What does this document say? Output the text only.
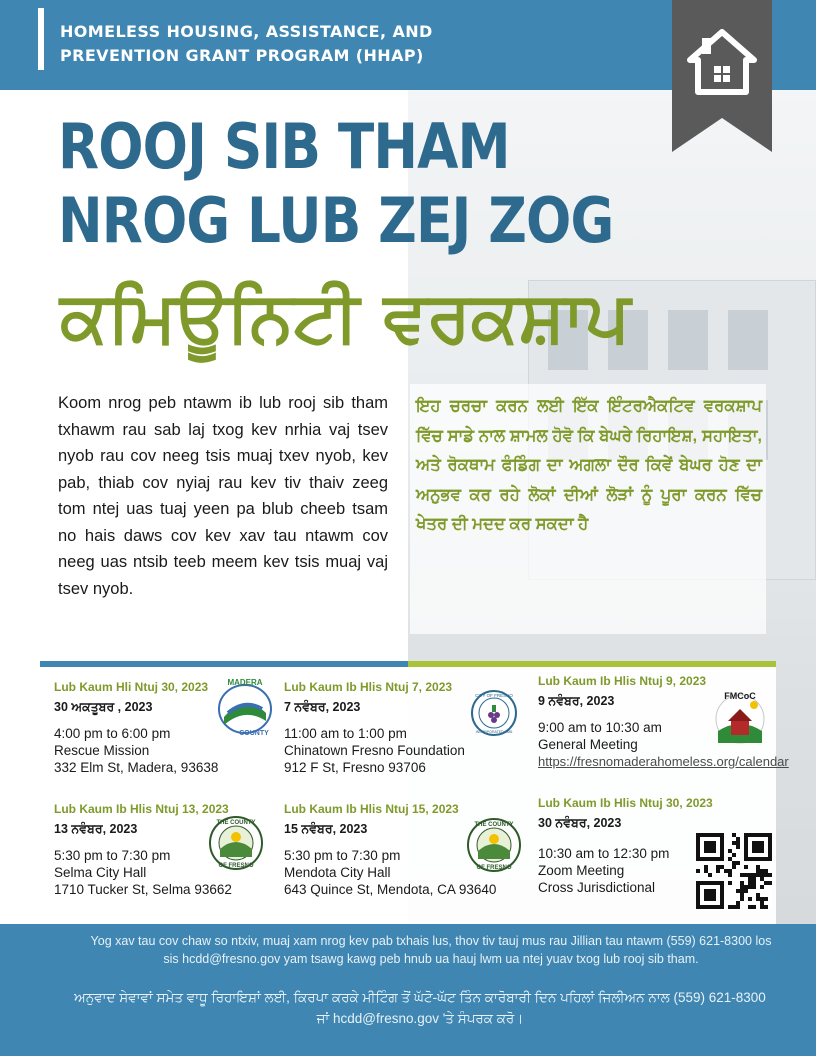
HOMELESS HOUSING, ASSISTANCE, AND
PREVENTION GRANT PROGRAM (HHAP)
ROOJ SIB THAM
NROG LUB ZEJ ZOG
ਕਮਿਊਨਿਟੀ ਵਰਕਸ਼ਾਪ
Koom nrog peb ntawm ib lub rooj sib tham txhawm rau sab laj txog kev nrhia vaj tsev nyob rau cov neeg tsis muaj txev nyob, kev pab, thiab cov nyiaj rau kev tiv thaiv zeeg tom ntej uas tuaj yeen pa blub cheeb tsam no hais daws cov kev xav tau ntawm cov neeg uas ntsib teeb meem kev tsis muaj vaj tsev nyob.
ਇਹ ਚਰਚਾ ਕਰਨ ਲਈ ਇੱਕ ਇੰਟਰਐਕਟਿਵ ਵਰਕਸ਼ਾਪ ਵਿੱਚ ਸਾਡੇ ਨਾਲ ਸ਼ਾਮਲ ਹੋਵੋ ਕਿ ਬੇਘਰੇ ਰਿਹਾਇਸ਼, ਸਹਾਇਤਾ, ਅਤੇ ਰੋਕਥਾਮ ਫੰਡਿੰਗ ਦਾ ਅਗਲਾ ਦੌਰ ਕਿਵੇਂ ਬੇਘਰ ਹੋਣ ਦਾ ਅਨੁਭਵ ਕਰ ਰਹੇ ਲੋਕਾਂ ਦੀਆਂ ਲੋੜਾਂ ਨੂੰ ਪੂਰਾ ਕਰਨ ਵਿੱਚ ਖੇਤਰ ਦੀ ਮਦਦ ਕਰ ਸਕਦਾ ਹੈ
Lub Kaum Hli Ntuj 30, 2023
30 ਅਕਤੂਬਰ , 2023
4:00 pm to 6:00 pm
Rescue Mission
332 Elm St, Madera, 93638
MADERA
COUNTY
Lub Kaum Ib Hlis Ntuj 7, 2023
7 ਨਵੰਬਰ, 2023
11:00 am to 1:00 pm
Chinatown Fresno Foundation
912 F St, Fresno 93706
CITY OF FRESNO
INCORPORATED 1885
Lub Kaum Ib Hlis Ntuj 9, 2023
9 ਨਵੰਬਰ, 2023
9:00 am to 10:30 am
General Meeting
https://fresnomaderahomeless.org/calendar
FMCoC
Lub Kaum Ib Hlis Ntuj 13, 2023
13 ਨਵੰਬਰ, 2023
5:30 pm to 7:30 pm
Selma City Hall
1710 Tucker St, Selma 93662
THE COUNTY
OF FRESNO
Lub Kaum Ib Hlis Ntuj 15, 2023
15 ਨਵੰਬਰ, 2023
5:30 pm to 7:30 pm
Mendota City Hall
643 Quince St, Mendota, CA 93640
THE COUNTY
OF FRESNO
Lub Kaum Ib Hlis Ntuj 30, 2023
30 ਨਵੰਬਰ, 2023
10:30 am to 12:30 pm
Zoom Meeting
Cross Jurisdictional
Yog xav tau cov chaw so ntxiv, muaj xam nrog kev pab txhais lus, thov tiv tauj mus rau Jillian tau ntawm (559) 621-8300 los sis hcdd@fresno.gov yam tsawg kawg peb hnub ua hauj lwm ua ntej yuav txog lub rooj sib tham.
ਅਨੁਵਾਦ ਸੇਵਾਵਾਂ ਸਮੇਤ ਵਾਧੂ ਰਿਹਾਇਸ਼ਾਂ ਲਈ, ਕਿਰਪਾ ਕਰਕੇ ਮੀਟਿੰਗ ਤੋਂ ਘੱਟੋ-ਘੱਟ ਤਿੰਨ ਕਾਰੋਬਾਰੀ ਦਿਨ ਪਹਿਲਾਂ ਜਿਲੀਅਨ ਨਾਲ (559) 621-8300 ਜਾਂ hcdd@fresno.gov 'ਤੇ ਸੰਪਰਕ ਕਰੋ।
